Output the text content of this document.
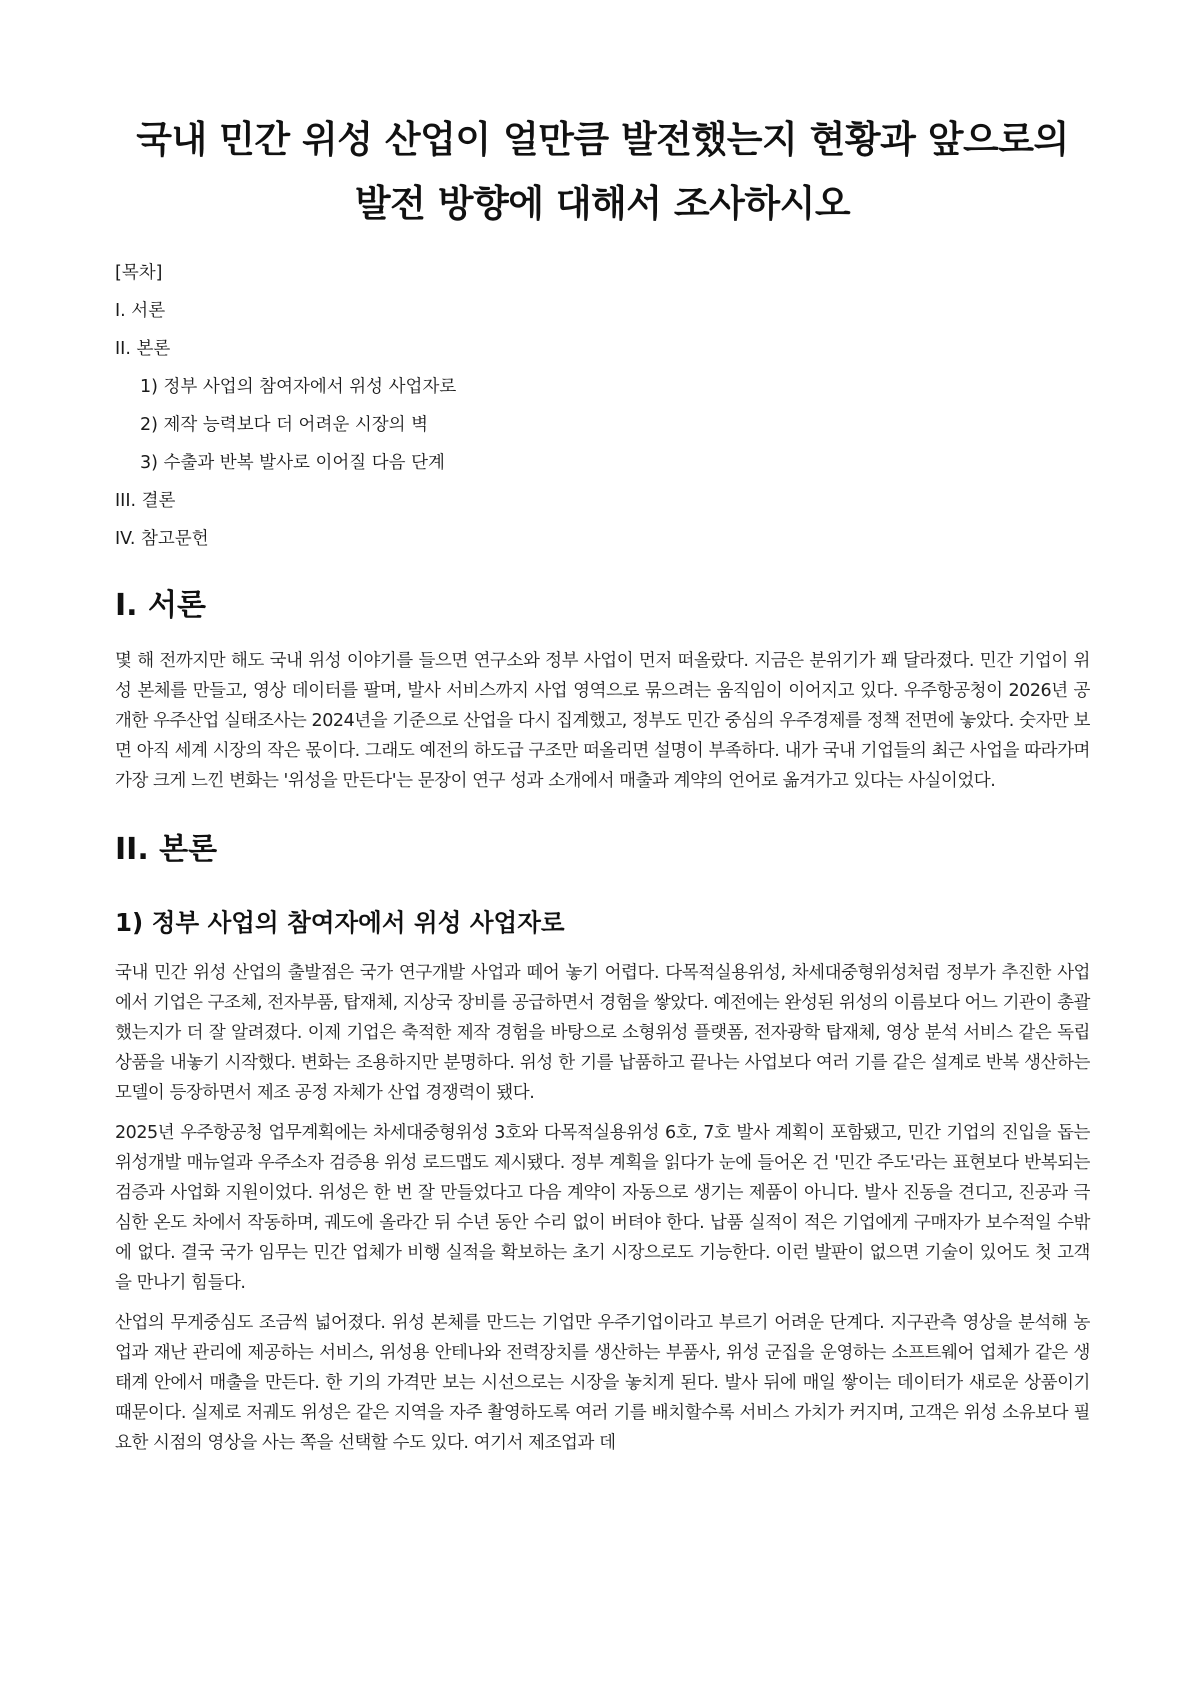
국내 민간 위성 산업이 얼만큼 발전했는지 현황과 앞으로의 발전 방향에 대해서 조사하시오
[목차]
I. 서론
II. 본론
1) 정부 사업의 참여자에서 위성 사업자로
2) 제작 능력보다 더 어려운 시장의 벽
3) 수출과 반복 발사로 이어질 다음 단계
III. 결론
IV. 참고문헌
I. 서론

몇 해 전까지만 해도 국내 위성 이야기를 들으면 연구소와 정부 사업이 먼저 떠올랐다. 지금은 분위기가 꽤 달라졌다. 민간 기업이 위성 본체를 만들고, 영상 데이터를 팔며, 발사 서비스까지 사업 영역으로 묶으려는 움직임이 이어지고 있다. 우주항공청이 2026년 공개한 우주산업 실태조사는 2024년을 기준으로 산업을 다시 집계했고, 정부도 민간 중심의 우주경제를 정책 전면에 놓았다. 숫자만 보면 아직 세계 시장의 작은 몫이다. 그래도 예전의 하도급 구조만 떠올리면 설명이 부족하다. 내가 국내 기업들의 최근 사업을 따라가며 가장 크게 느낀 변화는 '위성을 만든다'는 문장이 연구 성과 소개에서 매출과 계약의 언어로 옮겨가고 있다는 사실이었다.

II. 본론
1) 정부 사업의 참여자에서 위성 사업자로

국내 민간 위성 산업의 출발점은 국가 연구개발 사업과 떼어 놓기 어렵다. 다목적실용위성, 차세대중형위성처럼 정부가 추진한 사업에서 기업은 구조체, 전자부품, 탑재체, 지상국 장비를 공급하면서 경험을 쌓았다. 예전에는 완성된 위성의 이름보다 어느 기관이 총괄했는지가 더 잘 알려졌다. 이제 기업은 축적한 제작 경험을 바탕으로 소형위성 플랫폼, 전자광학 탑재체, 영상 분석 서비스 같은 독립 상품을 내놓기 시작했다. 변화는 조용하지만 분명하다. 위성 한 기를 납품하고 끝나는 사업보다 여러 기를 같은 설계로 반복 생산하는 모델이 등장하면서 제조 공정 자체가 산업 경쟁력이 됐다.

2025년 우주항공청 업무계획에는 차세대중형위성 3호와 다목적실용위성 6호, 7호 발사 계획이 포함됐고, 민간 기업의 진입을 돕는 위성개발 매뉴얼과 우주소자 검증용 위성 로드맵도 제시됐다. 정부 계획을 읽다가 눈에 들어온 건 '민간 주도'라는 표현보다 반복되는 검증과 사업화 지원이었다. 위성은 한 번 잘 만들었다고 다음 계약이 자동으로 생기는 제품이 아니다. 발사 진동을 견디고, 진공과 극심한 온도 차에서 작동하며, 궤도에 올라간 뒤 수년 동안 수리 없이 버텨야 한다. 납품 실적이 적은 기업에게 구매자가 보수적일 수밖에 없다. 결국 국가 임무는 민간 업체가 비행 실적을 확보하는 초기 시장으로도 기능한다. 이런 발판이 없으면 기술이 있어도 첫 고객을 만나기 힘들다.

산업의 무게중심도 조금씩 넓어졌다. 위성 본체를 만드는 기업만 우주기업이라고 부르기 어려운 단계다. 지구관측 영상을 분석해 농업과 재난 관리에 제공하는 서비스, 위성용 안테나와 전력장치를 생산하는 부품사, 위성 군집을 운영하는 소프트웨어 업체가 같은 생태계 안에서 매출을 만든다. 한 기의 가격만 보는 시선으로는 시장을 놓치게 된다. 발사 뒤에 매일 쌓이는 데이터가 새로운 상품이기 때문이다. 실제로 저궤도 위성은 같은 지역을 자주 촬영하도록 여러 기를 배치할수록 서비스 가치가 커지며, 고객은 위성 소유보다 필요한 시점의 영상을 사는 쪽을 선택할 수도 있다. 여기서 제조업과 데
